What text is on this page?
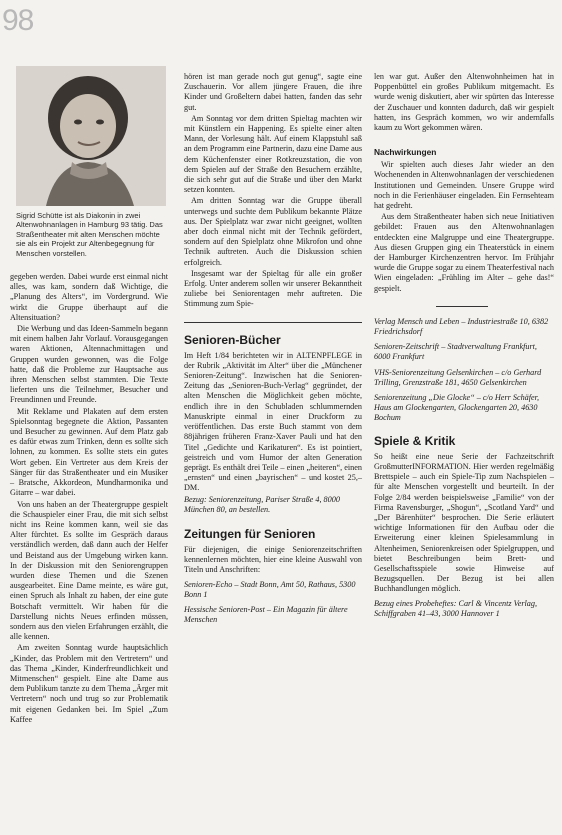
98
Sigrid Schütte ist als Diakonin in zwei Altenwohnanlagen in Hamburg 93 tätig. Das Straßentheater mit alten Menschen möchte sie als ein Projekt zur Altenbegegnung für Menschen vorstellen.

gegeben werden. Dabei wurde erst einmal nicht alles, was kam, sondern daß Wichtige, die „Planung des Alters“, im Vordergrund. Wie wirkt die Gruppe überhaupt auf die Altensituation?

Die Werbung und das Ideen-Sammeln begann mit einem halben Jahr Vorlauf. Vorausgegangen waren Aktionen, Altennachmittagen und Gruppen wurden gewonnen, was die Folge hatte, daß die Probleme zur Hauptsache aus ihren Menschen selbst stammten. Die Texte lieferten uns die Teilnehmer, Besucher und Freundinnen und Freunde.

Mit Reklame und Plakaten auf dem ersten Spielsonntag begegnete die Aktion, Passanten und Besucher zu gewinnen. Auf dem Platz gab es dafür etwas zum Trinken, denn es sollte sich lohnen, zu kommen. Es sollte stets ein gutes Wort geben. Ein Vertreter aus dem Kreis der Sänger für das Straßentheater und ein Musiker – Bratsche, Akkordeon, Mundharmonika und Gitarre – war dabei.

Von uns haben an der Theatergruppe gespielt die Schauspieler einer Frau, die mit sich selbst nicht ins Reine kommen kann, weil sie das Alter fürchtet. Es sollte im Gespräch daraus verständlich werden, daß dann auch der Helfer und Beistand aus der Umgebung wirken kann. In der Diskussion mit den Seniorengruppen wurden diese Themen und die Szenen ausgearbeitet. Eine Dame meinte, es wäre gut, einen Spruch als Inhalt zu haben, der eine gute Botschaft vermittelt. Wir haben für die Darstellung nichts Neues erfinden müssen, sondern aus den vielen Erfahrungen erzählt, die alle kennen.

Am zweiten Sonntag wurde hauptsächlich „Kinder, das Problem mit den Vertretern“ und das Thema „Kinder, Kinderfreundlichkeit und Mitmenschen“ gespielt. Eine alte Dame aus dem Publikum tanzte zu dem Thema „Ärger mit Vertretern“ noch und trug so zur Problematik mit eigenen Gedanken bei. Im Spiel „Zum Kaffee

hören ist man gerade noch gut genug“, sagte eine Zuschauerin. Vor allem jüngere Frauen, die ihre Kinder und Großeltern dabei hatten, fanden das sehr gut.

Am Sonntag vor dem dritten Spieltag machten wir mit Künstlern ein Happening. Es spielte einer alten Mann, der Vorlesung hält. Auf einem Klappstuhl saß an dem Programm eine Partnerin, dazu eine Dame aus dem Küchenfenster einer Rotkreuzstation, die von dem Spielen auf der Straße den Besuchern erzählte, die sich sehr gut auf die Straße und über den Markt setzen konnten.

Am dritten Sonntag war die Gruppe überall unterwegs und suchte dem Publikum bekannte Plätze aus. Der Spielplatz war zwar nicht geeignet, wollten aber doch einmal nicht mit der Technik gefördert, sondern auf den Spielplatz ohne Mikrofon und ohne Technik auftreten. Auch die Diskussion schien erfolgreich.

Insgesamt war der Spieltag für alle ein großer Erfolg. Unter anderem sollen wir unserer Bekanntheit zuliebe bei Seniorentagen mehr auftreten. Die Stimmung zum Spie-

Senioren-Bücher

Im Heft 1/84 berichteten wir in ALTENPFLEGE in der Rubrik „Aktivität im Alter“ über die „Münchener Senioren-Zeitung“. Inzwischen hat die Senioren-Zeitung das „Senioren-Buch-Verlag“ gegründet, der alten Menschen die Möglichkeit geben möchte, endlich ihre in den Schubladen schlummernden Manuskripte einmal in einer Druckform zu veröffentlichen. Das erste Buch stammt von dem 88jährigen früheren Franz-Xaver Pauli und hat den Titel „Gedichte und Karikaturen“. Es ist pointiert, geistreich und vom Humor der alten Generation geprägt. Es enthält drei Teile – einen „heiteren“, einen „ernsten“ und einen „bayrischen“ – und kostet 25,– DM.

Bezug: Seniorenzeitung, Pariser Straße 4, 8000 München 80, an bestellen.

Zeitungen für Senioren

Für diejenigen, die einige Seniorenzeitschriften kennenlernen möchten, hier eine kleine Auswahl von Titeln und Anschriften:

Senioren-Echo – Stadt Bonn, Amt 50, Rathaus, 5300 Bonn 1

Hessische Senioren-Post – Ein Magazin für ältere Menschen

len war gut. Außer den Altenwohnheimen hat in Poppenbüttel ein großes Publikum mitgemacht. Es wurde wenig diskutiert, aber wir spürten das Interesse der Zuschauer und konnten dadurch, daß wir gespielt hatten, ins Gespräch kommen, wo wir andernfalls kaum zu Wort gekommen wären.

Nachwirkungen

Wir spielten auch dieses Jahr wieder an den Wochenenden in Altenwohnanlagen der verschiedenen Institutionen und Gemeinden. Unsere Gruppe wird noch in die Ferienhäuser eingeladen. Ein Fernsehteam hat gedreht.

Aus dem Straßentheater haben sich neue Initiativen gebildet: Frauen aus den Altenwohnanlagen entdeckten eine Malgruppe und eine Theatergruppe. Aus diesen Gruppen ging ein Theaterstück in einem der Hamburger Kirchenzentren hervor. Im Frühjahr wurde die Gruppe sogar zu einem Theaterfestival nach Wien eingeladen: „Frühling im Alter – gehe das!“ gespielt.

Verlag Mensch und Leben – Industriestraße 10, 6382 Friedrichsdorf

Senioren-Zeitschrift – Stadtverwaltung Frankfurt, 6000 Frankfurt

VHS-Seniorenzeitung Gelsenkirchen – c/o Gerhard Trilling, Grenzstraße 181, 4650 Gelsenkirchen

Seniorenzeitung „Die Glocke“ – c/o Herr Schäfer, Haus am Glockengarten, Glockengarten 20, 4630 Bochum

Spiele & Kritik

So heißt eine neue Serie der Fachzeitschrift GroßmutterINFORMATION. Hier werden regelmäßig Brettspiele – auch ein Spiele-Tip zum Nachspielen – für alte Menschen vorgestellt und beurteilt. In der Folge 2/84 werden beispielsweise „Familie“ von der Firma Ravensburger, „Shogun“, „Scotland Yard“ und „Der Bärenhüter“ besprochen. Die Serie erläutert wichtige Informationen für den Aufbau oder die Erweiterung einer kleinen Spielesammlung in Altenheimen, Seniorenkreisen oder Spielgruppen, und bietet Beschreibungen beim Brett- und Gesellschaftsspiele sowie Hinweise auf Bezugsquellen. Der Bezug ist bei allen Buchhandlungen möglich.

Bezug eines Probeheftes: Carl & Vincentz Verlag, Schiffgraben 41–43, 3000 Hannover 1
